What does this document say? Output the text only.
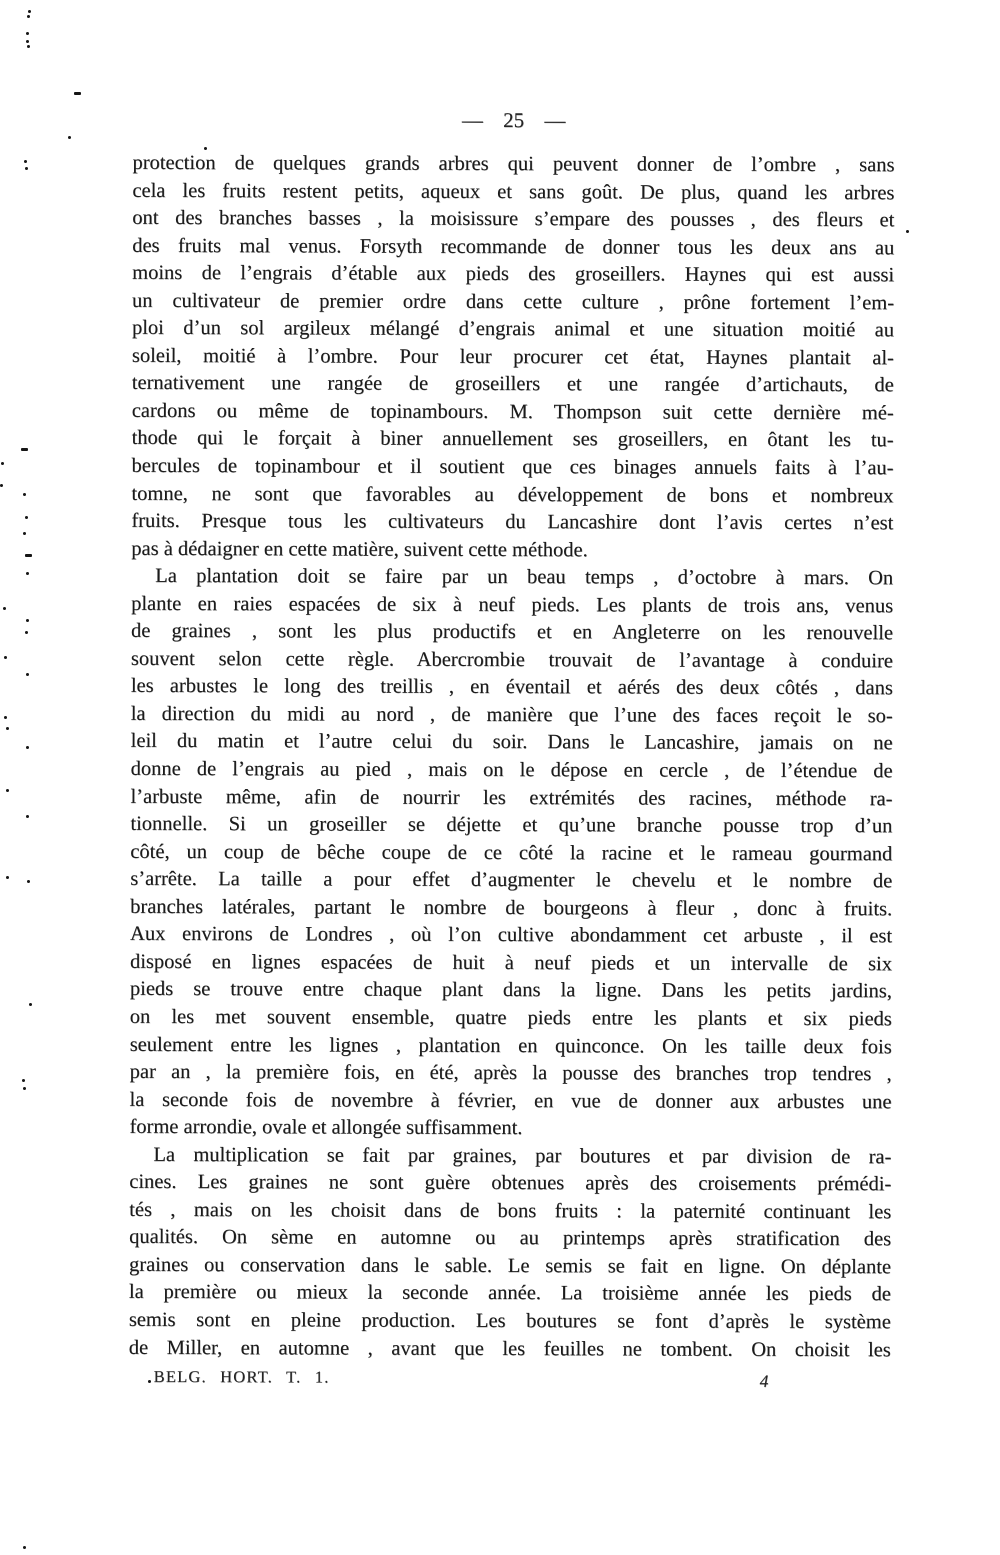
— 25 —
protection de quelques grands arbres qui peuvent donner de l’ombre , sans
cela les fruits restent petits, aqueux et sans goût. De plus, quand les arbres
ont des branches basses , la moisissure s’empare des pousses , des fleurs et
des fruits mal venus. Forsyth recommande de donner tous les deux ans au
moins de l’engrais d’étable aux pieds des groseillers. Haynes qui est aussi
un cultivateur de premier ordre dans cette culture , prône fortement l’em-
ploi d’un sol argileux mélangé d’engrais animal et une situation moitié au
soleil, moitié à l’ombre. Pour leur procurer cet état, Haynes plantait al-
ternativement une rangée de groseillers et une rangée d’artichauts, de
cardons ou même de topinambours. M. Thompson suit cette dernière mé-
thode qui le forçait à biner annuellement ses groseillers, en ôtant les tu-
bercules de topinambour et il soutient que ces binages annuels faits à l’au-
tomne, ne sont que favorables au développement de bons et nombreux
fruits. Presque tous les cultivateurs du Lancashire dont l’avis certes n’est
pas à dédaigner en cette matière, suivent cette méthode.
La plantation doit se faire par un beau temps , d’octobre à mars. On
plante en raies espacées de six à neuf pieds. Les plants de trois ans, venus
de graines , sont les plus productifs et en Angleterre on les renouvelle
souvent selon cette règle. Abercrombie trouvait de l’avantage à conduire
les arbustes le long des treillis , en éventail et aérés des deux côtés , dans
la direction du midi au nord , de manière que l’une des faces reçoit le so-
leil du matin et l’autre celui du soir. Dans le Lancashire, jamais on ne
donne de l’engrais au pied , mais on le dépose en cercle , de l’étendue de
l’arbuste même, afin de nourrir les extrémités des racines, méthode ra-
tionnelle. Si un groseiller se déjette et qu’une branche pousse trop d’un
côté, un coup de bêche coupe de ce côté la racine et le rameau gourmand
s’arrête. La taille a pour effet d’augmenter le chevelu et le nombre de
branches latérales, partant le nombre de bourgeons à fleur , donc à fruits.
Aux environs de Londres , où l’on cultive abondamment cet arbuste , il est
disposé en lignes espacées de huit à neuf pieds et un intervalle de six
pieds se trouve entre chaque plant dans la ligne. Dans les petits jardins,
on les met souvent ensemble, quatre pieds entre les plants et six pieds
seulement entre les lignes , plantation en quinconce. On les taille deux fois
par an , la première fois, en été, après la pousse des branches trop tendres ,
la seconde fois de novembre à février, en vue de donner aux arbustes une
forme arrondie, ovale et allongée suffisamment.
La multiplication se fait par graines, par boutures et par division de ra-
cines. Les graines ne sont guère obtenues après des croisements prémédi-
tés , mais on les choisit dans de bons fruits : la paternité continuant les
qualités. On sème en automne ou au printemps après stratification des
graines ou conservation dans le sable. Le semis se fait en ligne. On déplante
la première ou mieux la seconde année. La troisième année les pieds de
semis sont en pleine production. Les boutures se font d’après le système
de Miller, en automne , avant que les feuilles ne tombent. On choisit les
BELG. HORT. T. 1.	4
